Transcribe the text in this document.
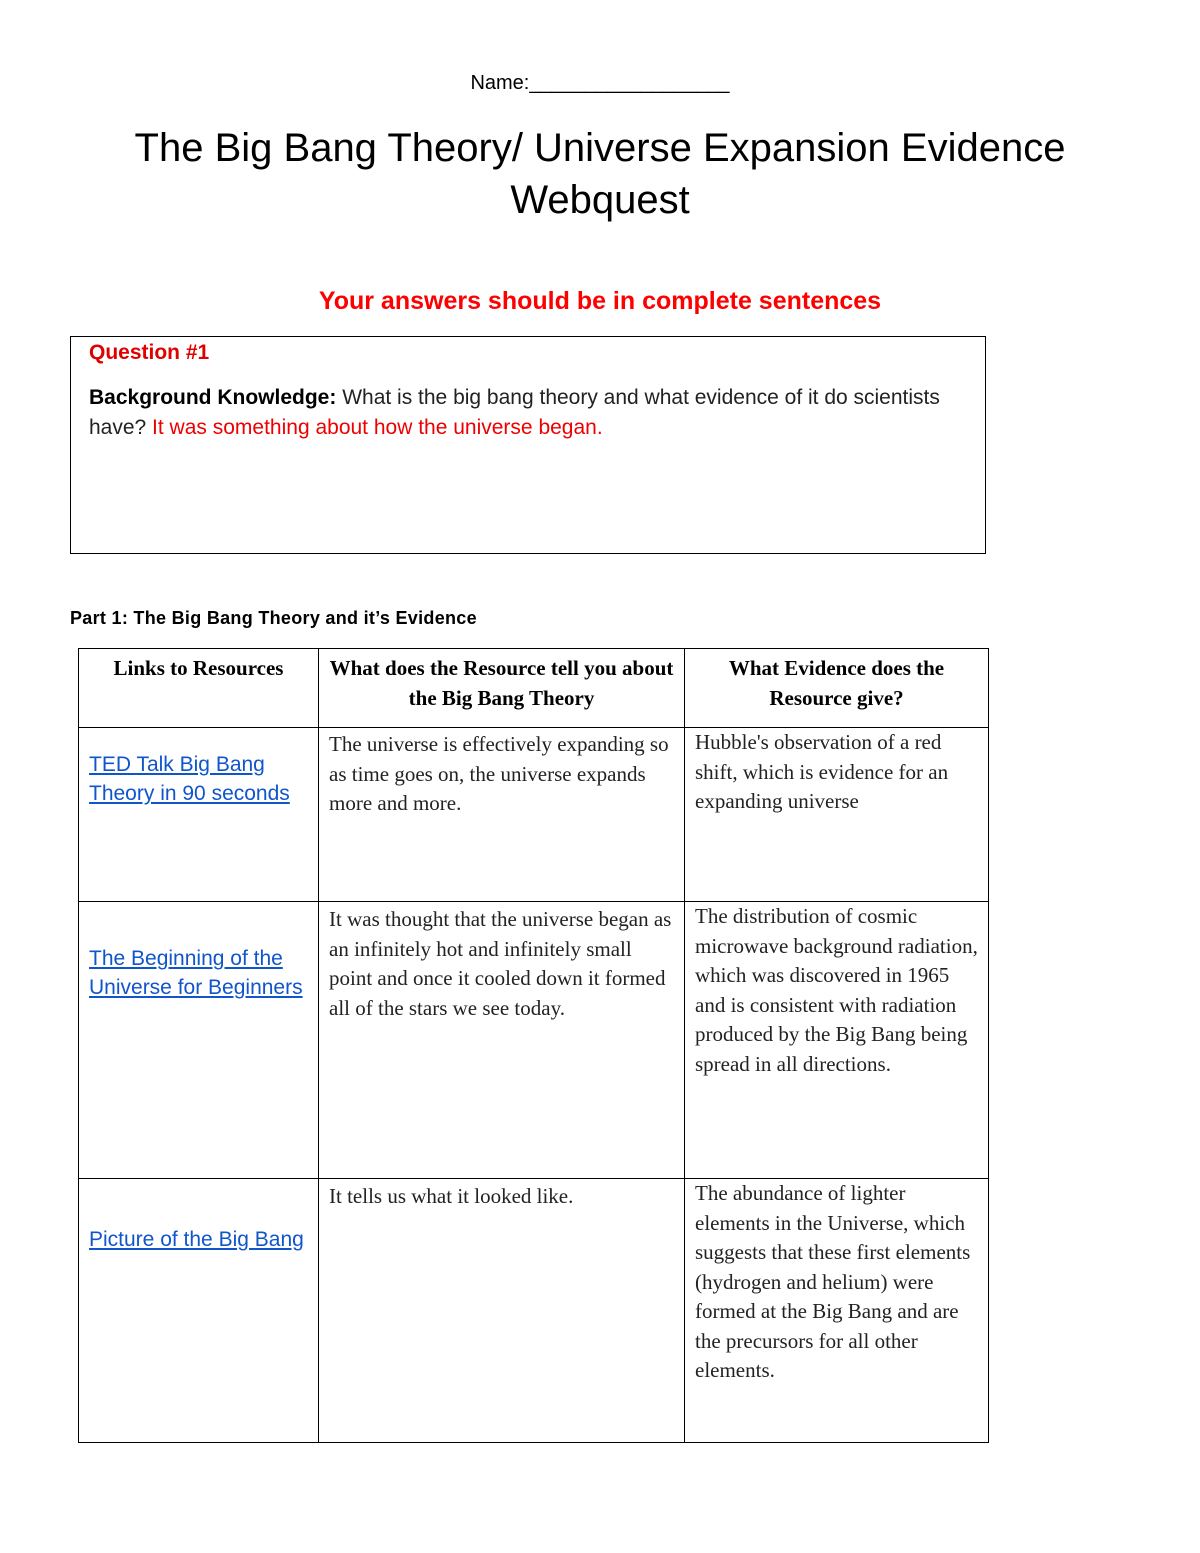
Name:__________________
The Big Bang Theory/ Universe Expansion Evidence Webquest
Your answers should be in complete sentences
Question #1
Background Knowledge: What is the big bang theory and what evidence of it do scientists have? It was something about how the universe began.
Part 1: The Big Bang Theory and it’s Evidence
Links to Resources	What does the Resource tell you about the Big Bang Theory	What Evidence does the Resource give?

TED Talk Big Bang Theory in 90 seconds	The universe is effectively expanding so as time goes on, the universe expands more and more.	Hubble's observation of a red shift, which is evidence for an expanding universe

The Beginning of the Universe for Beginners	It was thought that the universe began as an infinitely hot and infinitely small point and once it cooled down it formed all of the stars we see today.	The distribution of cosmic microwave background radiation, which was discovered in 1965 and is consistent with radiation produced by the Big Bang being spread in all directions.

Picture of the Big Bang	It tells us what it looked like.	The abundance of lighter elements in the Universe, which suggests that these first elements (hydrogen and helium) were formed at the Big Bang and are the precursors for all other elements.
